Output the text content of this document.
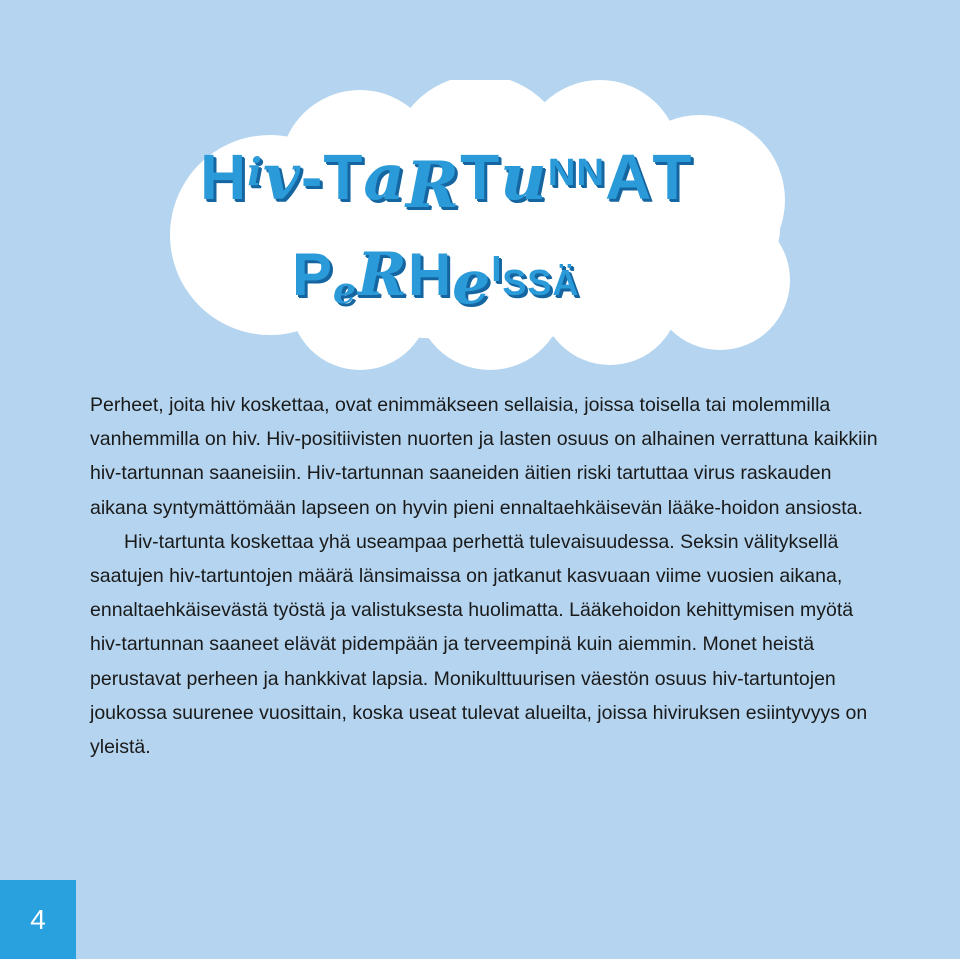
Hiv-TaRTuNNAT
PeRHeISSÄ

Perheet, joita hiv koskettaa, ovat enimmäkseen sellaisia, joissa toisella tai molemmilla vanhemmilla on hiv. Hiv-positiivisten nuorten ja lasten osuus on alhainen verrattuna kaikkiin hiv-tartunnan saaneisiin. Hiv-tartunnan saaneiden äitien riski tartuttaa virus raskauden aikana syntymättömään lapseen on hyvin pieni ennaltaehkäisevän lääke-hoidon ansiosta.

Hiv-tartunta koskettaa yhä useampaa perhettä tulevaisuudessa. Seksin välityksellä saatujen hiv-tartuntojen määrä länsimaissa on jatkanut kasvuaan viime vuosien aikana, ennaltaehkäisevästä työstä ja valistuksesta huolimatta. Lääkehoidon kehittymisen myötä hiv-tartunnan saaneet elävät pidempään ja terveempinä kuin aiemmin. Monet heistä perustavat perheen ja hankkivat lapsia. Monikulttuurisen väestön osuus hiv-tartuntojen joukossa suurenee vuosittain, koska useat tulevat alueilta, joissa hiviruksen esiintyvyys on yleistä.

4
